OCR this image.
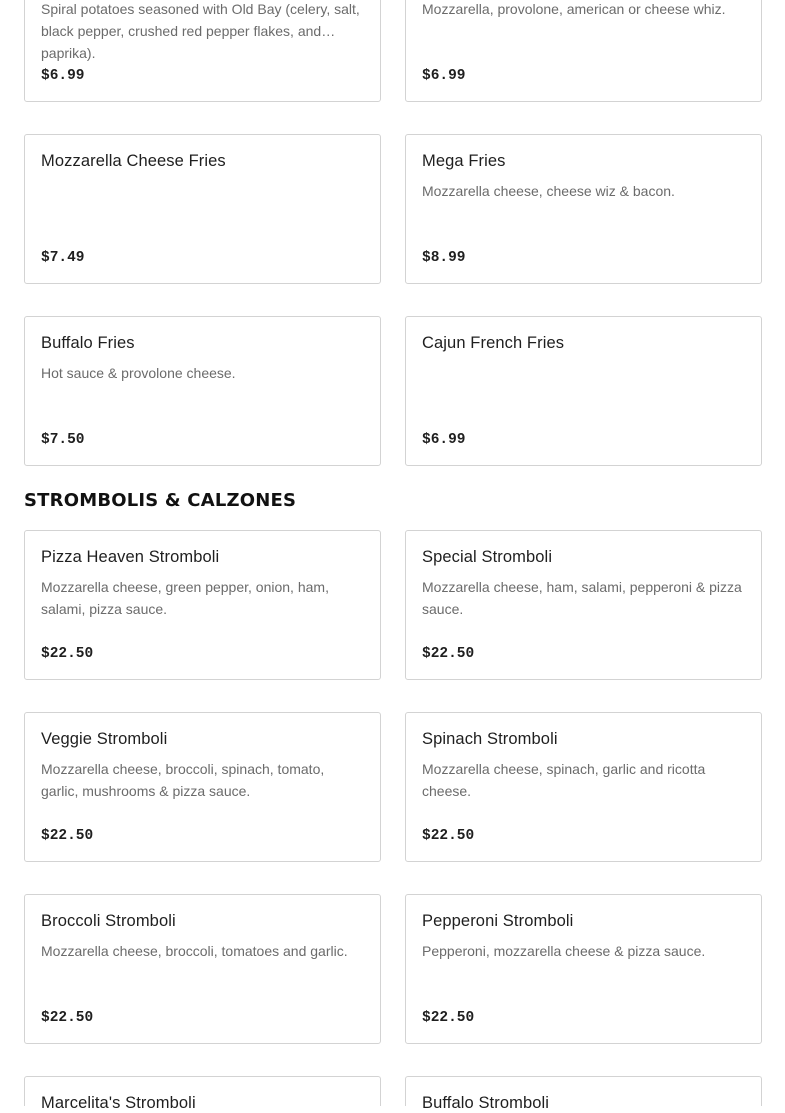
Spiral potatoes seasoned with Old Bay (celery, salt, black pepper, crushed red pepper flakes, and paprika).
$6.99
Mozzarella, provolone, american or cheese whiz.
$6.99
Mozzarella Cheese Fries
$7.49
Mega Fries
Mozzarella cheese, cheese wiz & bacon.
$8.99
Buffalo Fries
Hot sauce & provolone cheese.
$7.50
Cajun French Fries
$6.99
STROMBOLIS & CALZONES
Pizza Heaven Stromboli
Mozzarella cheese, green pepper, onion, ham, salami, pizza sauce.
$22.50
Special Stromboli
Mozzarella cheese, ham, salami, pepperoni & pizza sauce.
$22.50
Veggie Stromboli
Mozzarella cheese, broccoli, spinach, tomato, garlic, mushrooms & pizza sauce.
$22.50
Spinach Stromboli
Mozzarella cheese, spinach, garlic and ricotta cheese.
$22.50
Broccoli Stromboli
Mozzarella cheese, broccoli, tomatoes and garlic.
$22.50
Pepperoni Stromboli
Pepperoni, mozzarella cheese & pizza sauce.
$22.50
Marcelita's Stromboli	Buffalo Stromboli
